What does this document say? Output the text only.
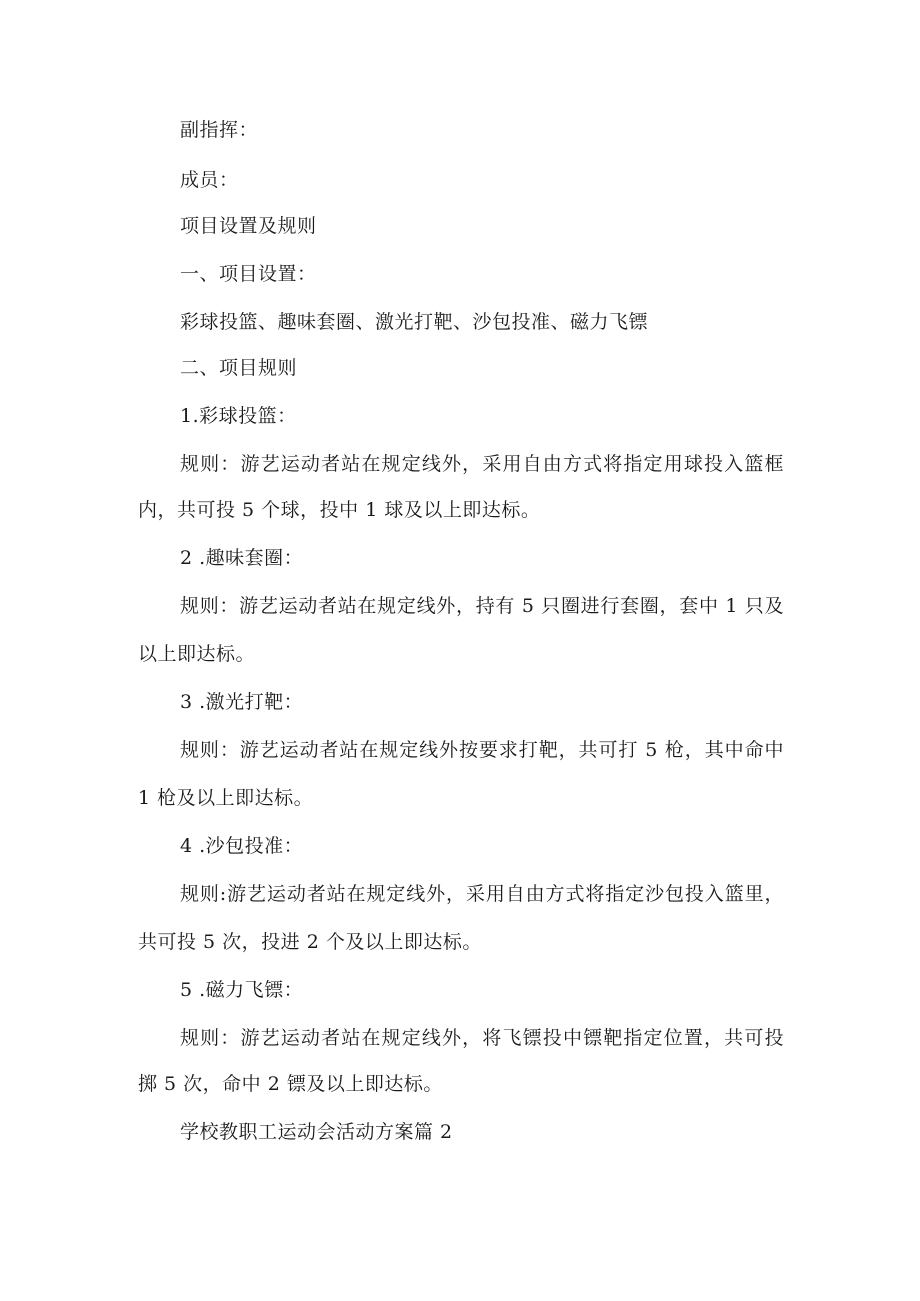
副指挥：
成员：
项目设置及规则
一、项目设置：
彩球投篮、趣味套圈、激光打靶、沙包投准、磁力飞镖
二、项目规则
1.彩球投篮：
规则：游艺运动者站在规定线外，采用自由方式将指定用球投入篮框
内，共可投 5 个球，投中 1 球及以上即达标。
2 .趣味套圈：
规则：游艺运动者站在规定线外，持有 5 只圈进行套圈，套中 1 只及
以上即达标。
3 .激光打靶：
规则：游艺运动者站在规定线外按要求打靶，共可打 5 枪，其中命中
1 枪及以上即达标。
4 .沙包投准：
规则:游艺运动者站在规定线外，采用自由方式将指定沙包投入篮里，
共可投 5 次，投进 2 个及以上即达标。
5 .磁力飞镖：
规则：游艺运动者站在规定线外，将飞镖投中镖靶指定位置，共可投
掷 5 次，命中 2 镖及以上即达标。
学校教职工运动会活动方案篇 2
